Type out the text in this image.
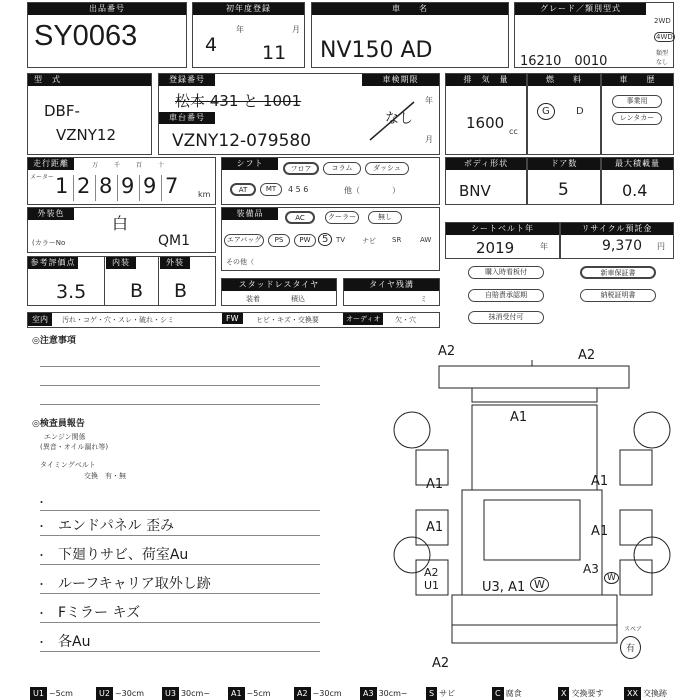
出品番号
SY0063
初年度登録
年	月
4 11
車　　名
NV150 AD
グレード／類別型式
16210　0010
2WD
4WD
類型
なし
型　式
DBF-
VZNY12
登録番号
松本 431 と 1001
車台番号
VZNY12-079580
車検期限
なし
年
月
排　気　量
1600 cc
燃　　料
G	D
車　　歴
事業用
レンタカー
走行距離
メーター 1 2 8 9 9 7
万	千	百	十
km
シフト
フロア	コラム	ダッシュ
AT	MT	4 5 6	他（　　　　）
ボディ形状
BNV
ドア数
5
最大積載量
0.4
外装色
白
(カラーNo	QM1
装備品	AC	クーラー	無し
エアバッグ	PS	PW	5	TV ナビ SR	AW
その他（
シートベルト年
2019	年
リサイクル預託金
9,370 円
参考評価点	内装	外装
3.5 B B	スタッドレスタイヤ
装着	積込
タイヤ残溝
ミ
購入時看板付	新車保証書
自賠責承認期	納税証明書
抹消受付可
室内	汚れ・コゲ・穴・スレ・破れ・シミ	FW	ヒビ・キズ・交換要	オーディオ	欠・穴
◎注意事項
◎検査員報告
エンジン関係
(異音・オイル漏れ等)
タイミングベルト
交換　有・無
・
・ エンドパネル 歪み
・ 下廻りサビ、荷室Au
・ ルーフキャリア取外し跡
・ Fミラー キズ
・ 各Au
A2	A2
A1
A1
A1
A2 U1
A1
A1
A3
W
U3, A1 W
A2
スペア
有
U1 ~5cm	U2 ~30cm	U3 30cm~	A1 ~5cm	A2 ~30cm	A3 30cm~	S サビ	C 腐食	X 交換要す	XX 交換跡
